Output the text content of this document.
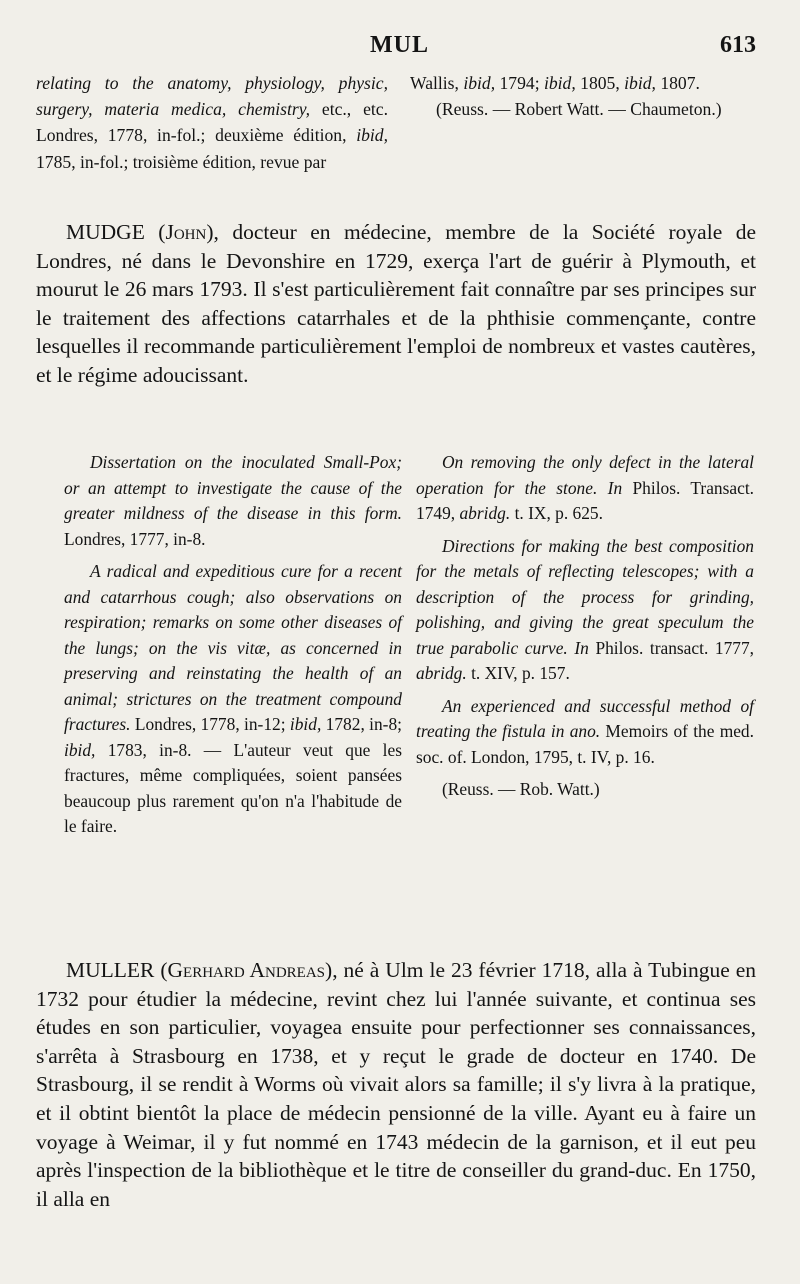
MUL	613

relating to the anatomy, physiology, physic, surgery, materia medica, chemistry, etc., etc. Londres, 1778, in-fol.; deuxième édition, ibid, 1785, in-fol.; troisième édition, revue par

Wallis, ibid, 1794; ibid, 1805, ibid, 1807.

(Reuss. — Robert Watt. — Chaumeton.)

MUDGE (John), docteur en médecine, membre de la Société royale de Londres, né dans le Devonshire en 1729, exerça l'art de guérir à Plymouth, et mourut le 26 mars 1793. Il s'est particulièrement fait connaître par ses principes sur le traitement des affections catarrhales et de la phthisie commençante, contre lesquelles il recommande particulièrement l'emploi de nombreux et vastes cautères, et le régime adoucissant.

Dissertation on the inoculated Small-Pox; or an attempt to investigate the cause of the greater mildness of the disease in this form. Londres, 1777, in-8.

A radical and expeditious cure for a recent and catarrhous cough; also observations on respiration; remarks on some other diseases of the lungs; on the vis vitæ, as concerned in preserving and reinstating the health of an animal; strictures on the treatment compound fractures. Londres, 1778, in-12; ibid, 1782, in-8; ibid, 1783, in-8. — L'auteur veut que les fractures, même compliquées, soient pansées beaucoup plus rarement qu'on n'a l'habitude de le faire.

On removing the only defect in the lateral operation for the stone. In Philos. Transact. 1749, abridg. t. IX, p. 625.

Directions for making the best composition for the metals of reflecting telescopes; with a description of the process for grinding, polishing, and giving the great speculum the true parabolic curve. In Philos. transact. 1777, abridg. t. XIV, p. 157.

An experienced and successful method of treating the fistula in ano. Memoirs of the med. soc. of. London, 1795, t. IV, p. 16.

(Reuss. — Rob. Watt.)

MULLER (Gerhard Andreas), né à Ulm le 23 février 1718, alla à Tubingue en 1732 pour étudier la médecine, revint chez lui l'année suivante, et continua ses études en son particulier, voyagea ensuite pour perfectionner ses connaissances, s'arrêta à Strasbourg en 1738, et y reçut le grade de docteur en 1740. De Strasbourg, il se rendit à Worms où vivait alors sa famille; il s'y livra à la pratique, et il obtint bientôt la place de médecin pensionné de la ville. Ayant eu à faire un voyage à Weimar, il y fut nommé en 1743 médecin de la garnison, et il eut peu après l'inspection de la bibliothèque et le titre de conseiller du grand-duc. En 1750, il alla en
